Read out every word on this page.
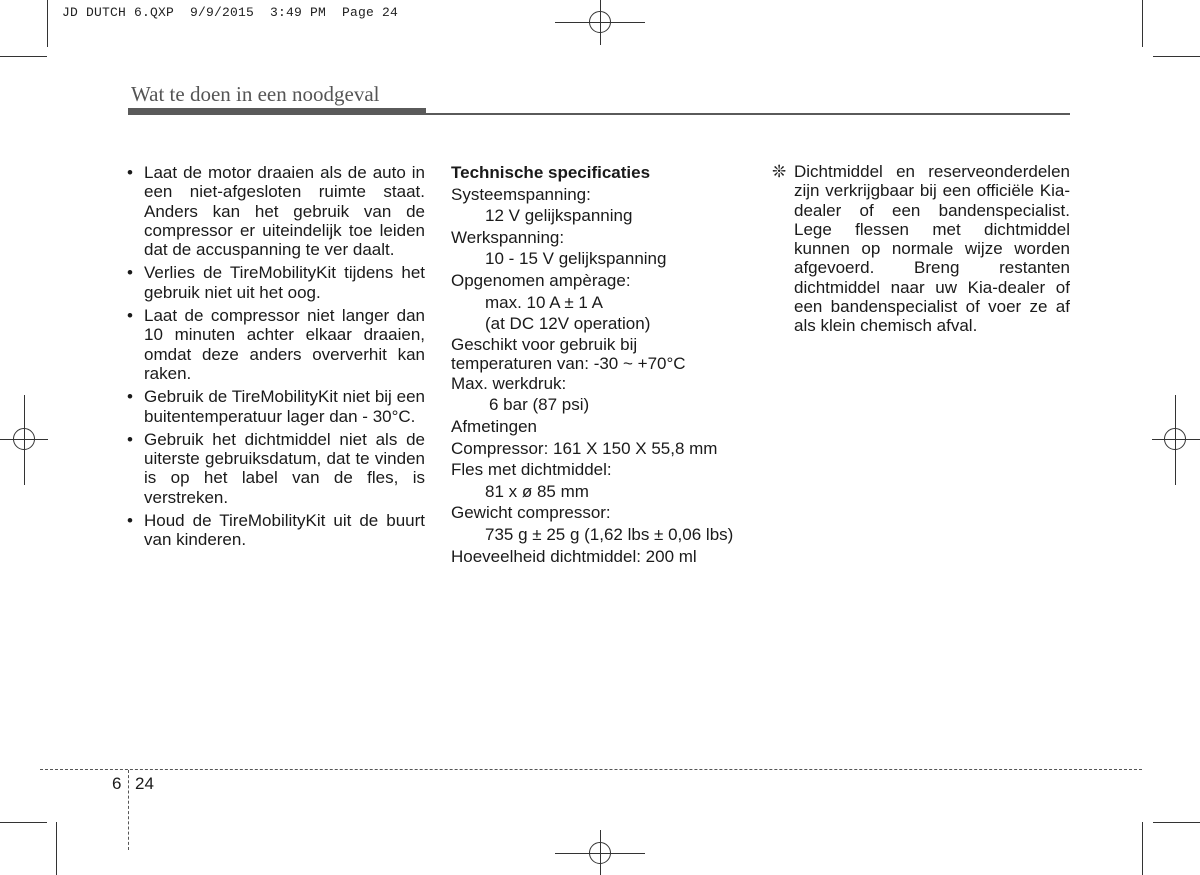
JD DUTCH 6.QXP  9/9/2015  3:49 PM  Page 24
Wat te doen in een noodgeval
• Laat de motor draaien als de auto in een niet-afgesloten ruimte staat. Anders kan het gebruik van de compressor er uiteindelijk toe leiden dat de accuspanning te ver daalt.
• Verlies de TireMobilityKit tijdens het gebruik niet uit het oog.
• Laat de compressor niet langer dan 10 minuten achter elkaar draaien, omdat deze anders oververhit kan raken.
• Gebruik de TireMobilityKit niet bij een buitentemperatuur lager dan - 30°C.
• Gebruik het dichtmiddel niet als de uiterste gebruiksdatum, dat te vinden is op het label van de fles, is verstreken.
• Houd de TireMobilityKit uit de buurt van kinderen.
Technische specificaties
Systeemspanning:
12 V gelijkspanning
Werkspanning:
10 - 15 V gelijkspanning
Opgenomen ampèrage:
max. 10 A ± 1 A
(at DC 12V operation)
Geschikt voor gebruik bij
temperaturen van: -30 ~ +70°C
Max. werkdruk:
6 bar (87 psi)
Afmetingen
Compressor: 161 X 150 X 55,8 mm
Fles met dichtmiddel:
81 x ø 85 mm
Gewicht compressor:
735 g ± 25 g (1,62 lbs ± 0,06 lbs)
Hoeveelheid dichtmiddel: 200 ml
❊ Dichtmiddel en reserveonderdelen zijn verkrijgbaar bij een officiële Kia-dealer of een bandenspecialist. Lege flessen met dichtmiddel kunnen op normale wijze worden afgevoerd. Breng restanten dichtmiddel naar uw Kia-dealer of een bandenspecialist of voer ze af als klein chemisch afval.
6 24
